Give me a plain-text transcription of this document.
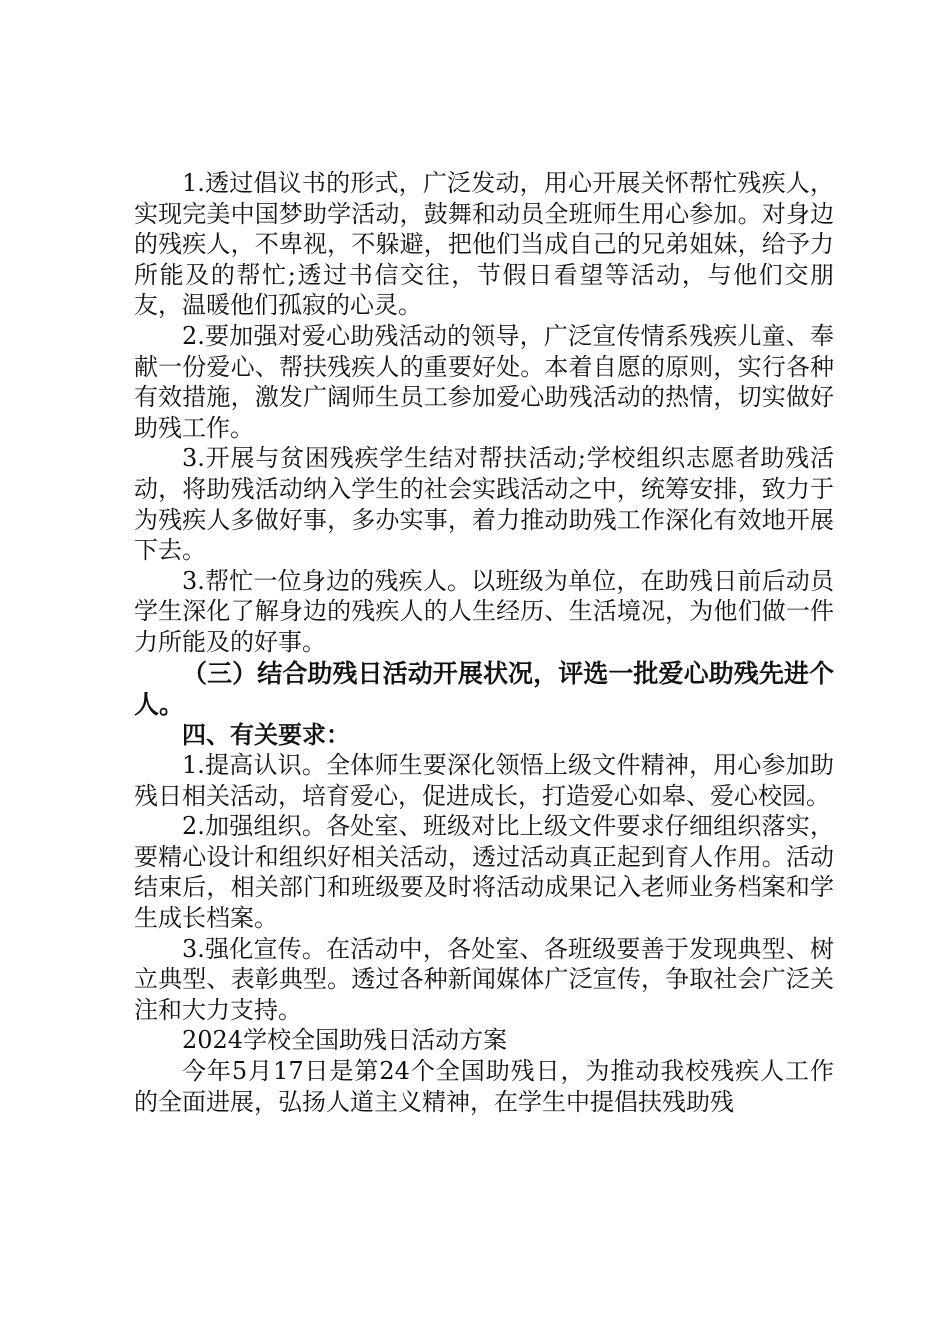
1.透过倡议书的形式，广泛发动，用心开展关怀帮忙残疾人，实现完美中国梦助学活动，鼓舞和动员全班师生用心参加。对身边的残疾人，不卑视，不躲避，把他们当成自己的兄弟姐妹，给予力所能及的帮忙;透过书信交往，节假日看望等活动，与他们交朋友，温暖他们孤寂的心灵。

2.要加强对爱心助残活动的领导，广泛宣传情系残疾儿童、奉献一份爱心、帮扶残疾人的重要好处。本着自愿的原则，实行各种有效措施，激发广阔师生员工参加爱心助残活动的热情，切实做好助残工作。

3.开展与贫困残疾学生结对帮扶活动;学校组织志愿者助残活动，将助残活动纳入学生的社会实践活动之中，统筹安排，致力于为残疾人多做好事，多办实事，着力推动助残工作深化有效地开展下去。

3.帮忙一位身边的残疾人。以班级为单位，在助残日前后动员学生深化了解身边的残疾人的人生经历、生活境况，为他们做一件力所能及的好事。

（三）结合助残日活动开展状况，评选一批爱心助残先进个人。

四、有关要求：

1.提高认识。全体师生要深化领悟上级文件精神，用心参加助残日相关活动，培育爱心，促进成长，打造爱心如皋、爱心校园。

2.加强组织。各处室、班级对比上级文件要求仔细组织落实，要精心设计和组织好相关活动，透过活动真正起到育人作用。活动结束后，相关部门和班级要及时将活动成果记入老师业务档案和学生成长档案。

3.强化宣传。在活动中，各处室、各班级要善于发现典型、树立典型、表彰典型。透过各种新闻媒体广泛宣传，争取社会广泛关注和大力支持。

2024学校全国助残日活动方案

今年5月17日是第24个全国助残日，为推动我校残疾人工作的全面进展，弘扬人道主义精神，在学生中提倡扶残助残
